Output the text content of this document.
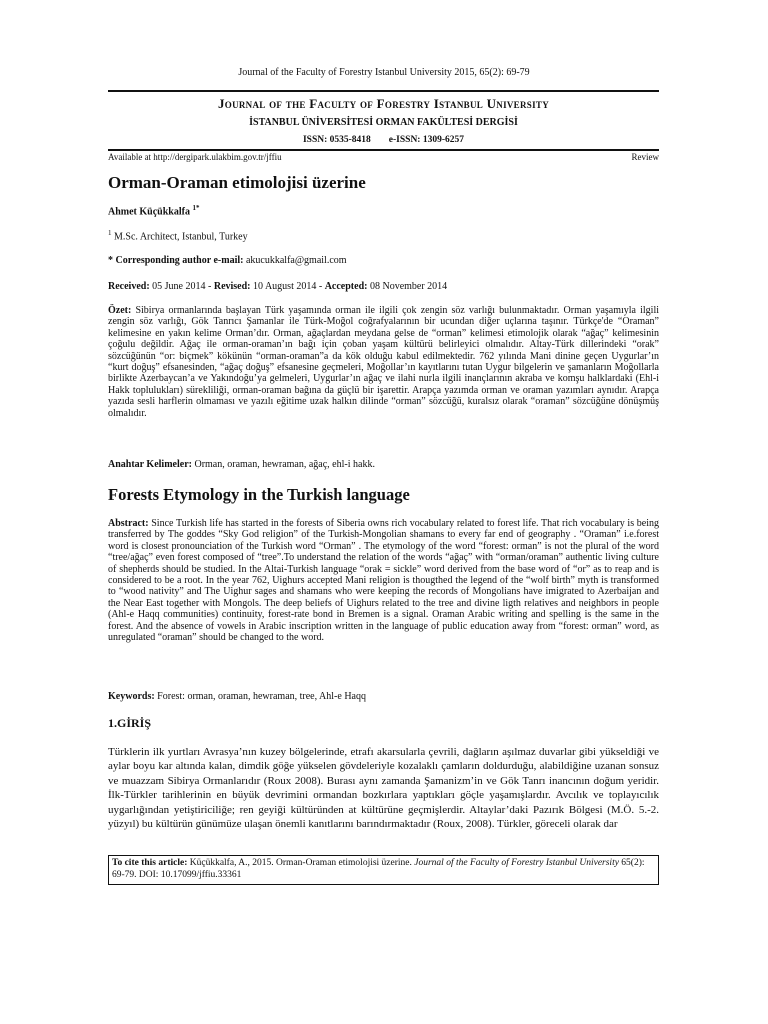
Journal of the Faculty of Forestry Istanbul University 2015, 65(2): 69-79
Journal of the Faculty of Forestry Istanbul University
İSTANBUL ÜNİVERSİTESİ ORMAN FAKÜLTESİ DERGİSİ
ISSN: 0535-8418 e-ISSN: 1309-6257
Available at http://dergipark.ulakbim.gov.tr/jffiu	Review
Orman-Oraman etimolojisi üzerine
Ahmet Küçükkalfa $^{1*}$
$^1$ M.Sc. Architect, Istanbul, Turkey
* Corresponding author e-mail: akucukkalfa@gmail.com
Received: 05 June 2014 - Revised: 10 August 2014 - Accepted: 08 November 2014
Özet: Sibirya ormanlarında başlayan Türk yaşamında orman ile ilgili çok zengin söz varlığı bulunmaktadır. Orman yaşamıyla ilgili zengin söz varlığı, Gök Tanrıcı Şamanlar ile Türk-Moğol coğrafyalarının bir ucundan diğer uçlarına taşınır. Türkçe'de “Oraman” kelimesine en yakın kelime Orman’dır. Orman, ağaçlardan meydana gelse de “orman” kelimesi etimolojik olarak “ağaç” kelimesinin çoğulu değildir. Ağaç ile orman-oraman’ın bağı için çoban yaşam kültürü belirleyici olmalıdır. Altay-Türk dillerindeki “orak” sözcüğünün “or: biçmek” kökünün “orman-oraman”a da kök olduğu kabul edilmektedir. 762 yılında Mani dinine geçen Uygurlar’ın “kurt doğuş” efsanesinden, “ağaç doğuş” efsanesine geçmeleri, Moğollar’ın kayıtlarını tutan Uygur bilgelerin ve şamanların Moğollarla birlikte Azerbaycan’a ve Yakındoğu’ya gelmeleri, Uygurlar’ın ağaç ve ilahi nurla ilgili inançlarının akraba ve komşu halklardaki (Ehl-i Hakk toplulukları) sürekliliği, orman-oraman bağına da güçlü bir işarettir. Arapça yazımda orman ve oraman yazımları aynıdır. Arapça yazıda sesli harflerin olmaması ve yazılı eğitime uzak halkın dilinde “orman” sözcüğü, kuralsız olarak “oraman” sözcüğüne dönüşmüş olmalıdır.
Anahtar Kelimeler: Orman, oraman, hewraman, ağaç, ehl-i hakk.
Forests Etymology in the Turkish language
Abstract: Since Turkish life has started in the forests of Siberia owns rich vocabulary related to forest life. That rich vocabulary is being transferred by The goddes “Sky God religion” of the Turkish-Mongolian shamans to every far end of geography . “Oraman” i.e.forest word is closest pronounciation of the Turkish word “Orman” . The etymology of the word “forest: orman” is not the plural of the word “tree/ağaç” even forest composed of “tree”.To understand the relation of the words “ağaç” with “orman/oraman” authentic living culture of shepherds should be studied. In the Altai-Turkish language “orak = sickle” word derived from the base word of “or” as to reap and is considered to be a root. In the year 762, Uighurs accepted Mani religion is thougthed the legend of the “wolf birth” myth is transformed to “wood nativity” and The Uighur sages and shamans who were keeping the records of Mongolians have imigrated to Azerbaijan and the Near East together with Mongols. The deep beliefs of Uighurs related to the tree and divine ligth relatives and neighbors in people (Ahl-e Haqq communities) continuity, forest-rate bond in Bremen is a signal. Oraman Arabic writing and spelling is the same in the forest. And the absence of vowels in Arabic inscription written in the language of public education away from “forest: orman” word, as unregulated “oraman” should be changed to the word.
Keywords: Forest: orman, oraman, hewraman, tree, Ahl-e Haqq
1.GİRİŞ
Türklerin ilk yurtları Avrasya’nın kuzey bölgelerinde, etrafı akarsularla çevrili, dağların aşılmaz duvarlar gibi yükseldiği ve aylar boyu kar altında kalan, dimdik göğe yükselen gövdeleriyle kozalaklı çamların doldurduğu, alabildiğine uzanan sonsuz ve muazzam Sibirya Ormanlarıdır (Roux 2008). Burası aynı zamanda Şamanizm’in ve Gök Tanrı inancının doğum yeridir. İlk-Türkler tarihlerinin en büyük devrimini ormandan bozkırlara yaptıkları göçle yaşamışlardır. Avcılık ve toplayıcılık uygarlığından yetiştiriciliğe; ren geyiği kültüründen at kültürüne geçmişlerdir. Altaylar’daki Pazırık Bölgesi (M.Ö. 5.-2. yüzyıl) bu kültürün günümüze ulaşan önemli kanıtlarını barındırmaktadır (Roux, 2008). Türkler, göreceli olarak dar
To cite this article: Küçükkalfa, A., 2015. Orman-Oraman etimolojisi üzerine. Journal of the Faculty of Forestry Istanbul University 65(2): 69-79. DOI: 10.17099/jffiu.33361
